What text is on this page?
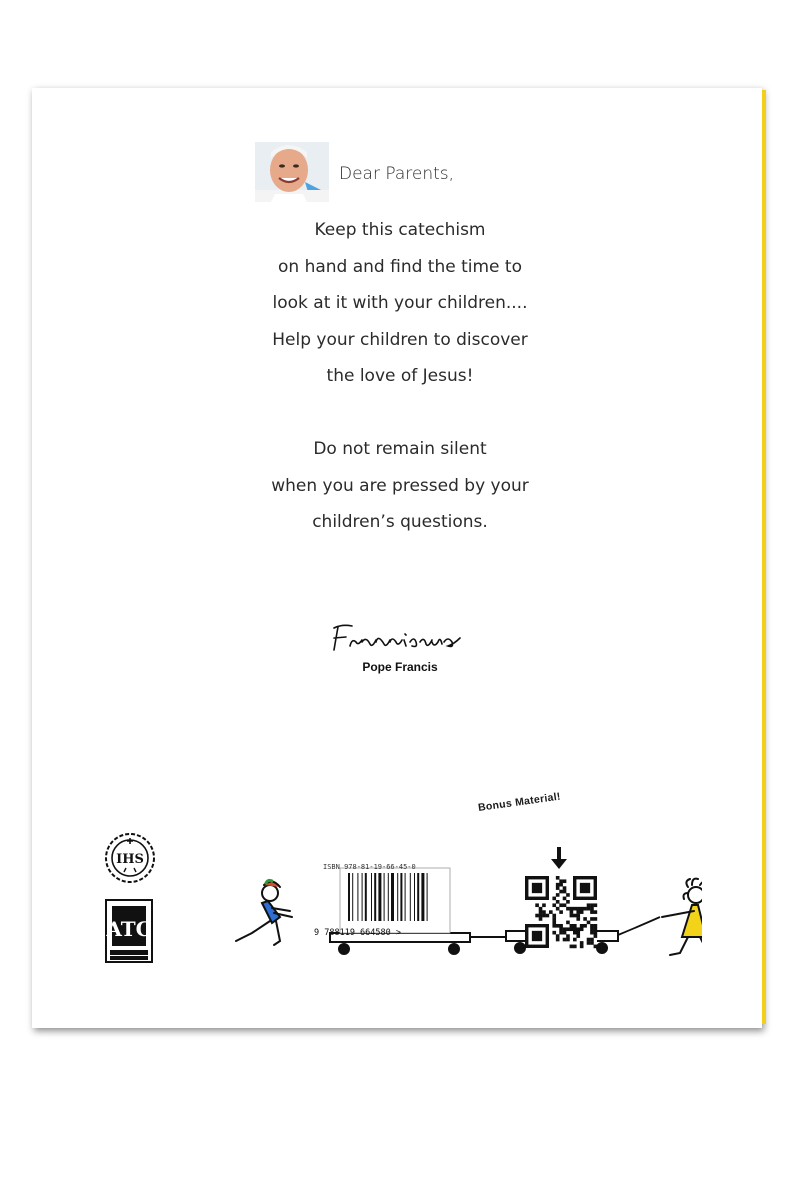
Dear Parents,
Keep this catechism
on hand and find the time to
look at it with your children....
Help your children to discover
the love of Jesus!
Do not remain silent
when you are pressed by your
children’s questions.
Pope Francis
IHS
ATC
Bonus Material!
ISBN 978-81-19-66-45-0
9 788119 664580 >
